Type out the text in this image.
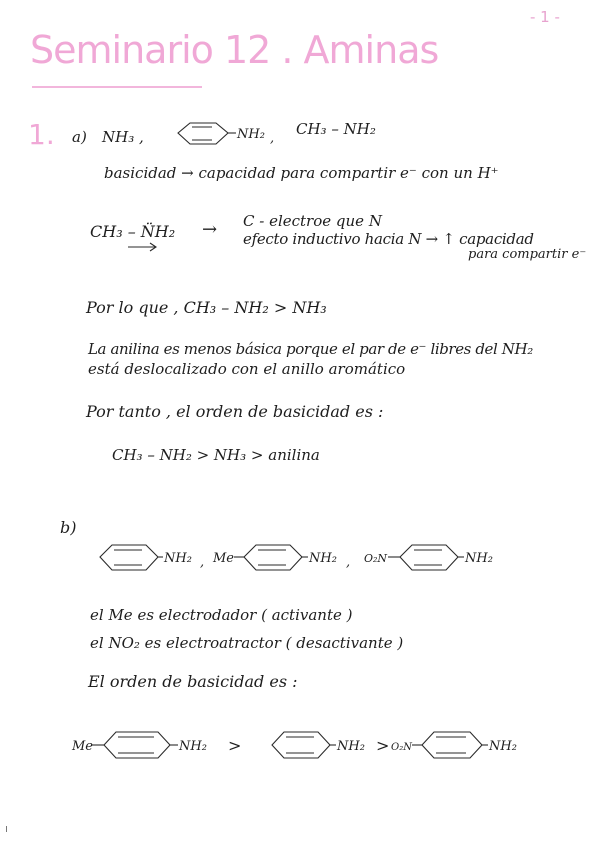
- 1 -
Seminario 12 . Aminas
1. a) NH₃ ,	NH₂ ,
NH₂ , Me	NH₂ , O₂N	NH₂
Me	NH₂ >	NH₂ > O₂N	NH₂
CH₃ – NH₂
basicidad → capacidad para compartir e⁻ con un H⁺
CH₃ – N̈H₂ → C - electroe que N
efecto inductivo hacia N → ↑ capacidad
para compartir e⁻
Por lo que , CH₃ – NH₂ > NH₃
La anilina es menos básica porque el par de e⁻ libres del NH₂
está deslocalizado con el anillo aromático
Por tanto , el orden de basicidad es :
CH₃ – NH₂ > NH₃ > anilina
b)
el Me es electrodador ( activante )
el NO₂ es electroatractor ( desactivante )
El orden de basicidad es :
